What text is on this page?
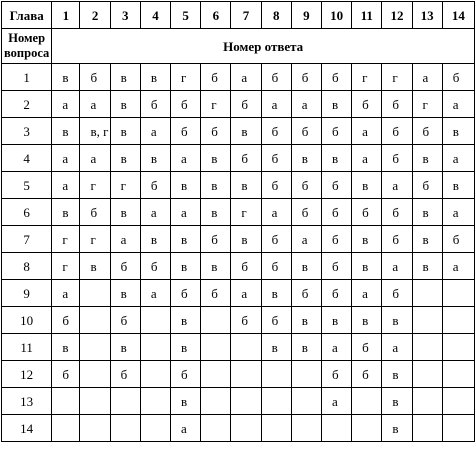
Глава	1	2	3	4	5	6	7	8	9	10	11	12	13	14
Номер вопроса	Номер ответа													
1	в	б	в	в	г	б	а	б	б	б	г	г	а	б
2	а	а	в	б	б	г	б	а	а	в	б	б	г	а
3	в	в, г	в	а	б	б	в	б	б	б	а	б	б	в
4	а	а	в	в	а	в	б	б	в	в	а	б	в	а
5	а	г	г	б	в	в	в	б	б	б	в	а	б	в
6	в	б	в	а	а	в	г	а	б	б	б	б	в	а
7	г	г	а	в	в	б	в	б	а	б	в	б	в	б
8	г	в	б	б	в	в	б	б	в	б	в	а	в	а
9	а		в	а	б	б	а	в	б	б	а	б		
10	б		б		в		б	б	в	в	в	в		
11	в		в		в			в	в	а	б	а		
12	б		б		б					б	б	в		
13					в					а		в		
14					а							в		
